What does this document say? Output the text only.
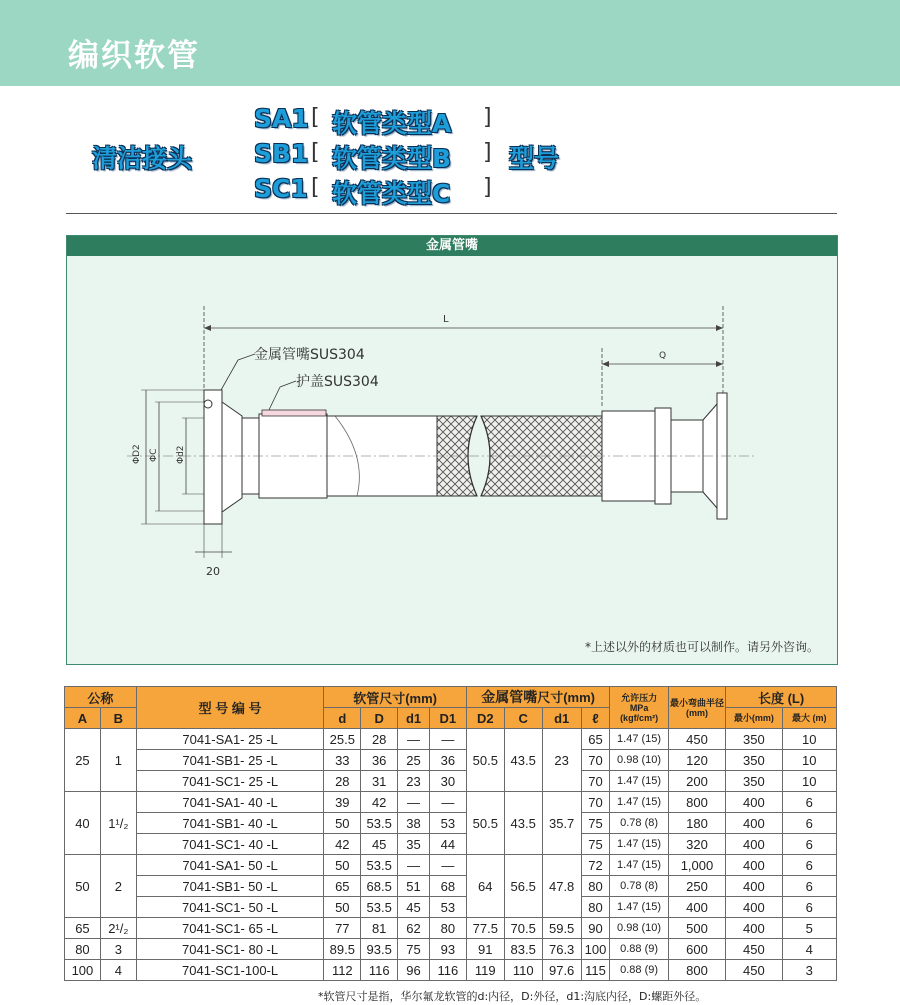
编织软管
清洁接头
SA1 [ 软管类型A ]
SB1 [ 软管类型B ] 型号
SC1 [ 软管类型C ]
金属管嘴
L
Q
金属管嘴SUS304
护盖SUS304
ΦD2 ΦC Φd2
20
*上述以外的材质也可以制作。请另外咨询。
公称		型 号 编 号	软管尺寸(mm)				金属管嘴尺寸(mm)				允许压力
MPa
(kgf/cm²)	最小弯曲半径
(mm)	长度 (L)	
A	B		d	D	d1	D1	D2	C	d1	ℓ			最小(mm)	最大 (m)
25	1	7041-SA1- 25 -L	25.5	28	—	—	50.5	43.5	23	65	1.47 (15)	450	350	10
		7041-SB1- 25 -L	33	36	25	36				70	0.98 (10)	120	350	10
		7041-SC1- 25 -L	28	31	23	30				70	1.47 (15)	200	350	10
40	1¹/₂	7041-SA1- 40 -L	39	42	—	—	50.5	43.5	35.7	70	1.47 (15)	800	400	6
		7041-SB1- 40 -L	50	53.5	38	53				75	0.78 (8)	180	400	6
		7041-SC1- 40 -L	42	45	35	44				75	1.47 (15)	320	400	6
50	2	7041-SA1- 50 -L	50	53.5	—	—	64	56.5	47.8	72	1.47 (15)	1,000	400	6
		7041-SB1- 50 -L	65	68.5	51	68				80	0.78 (8)	250	400	6
		7041-SC1- 50 -L	50	53.5	45	53				80	1.47 (15)	400	400	6
65	2¹/₂	7041-SC1- 65 -L	77	81	62	80	77.5	70.5	59.5	90	0.98 (10)	500	400	5
80	3	7041-SC1- 80 -L	89.5	93.5	75	93	91	83.5	76.3	100	0.88 (9)	600	450	4
100	4	7041-SC1-100-L	112	116	96	116	119	110	97.6	115	0.88 (9)	800	450	3
*软管尺寸是指，华尔氟龙软管的d:内径，D:外径，d1:沟底内径，D:螺距外径。
